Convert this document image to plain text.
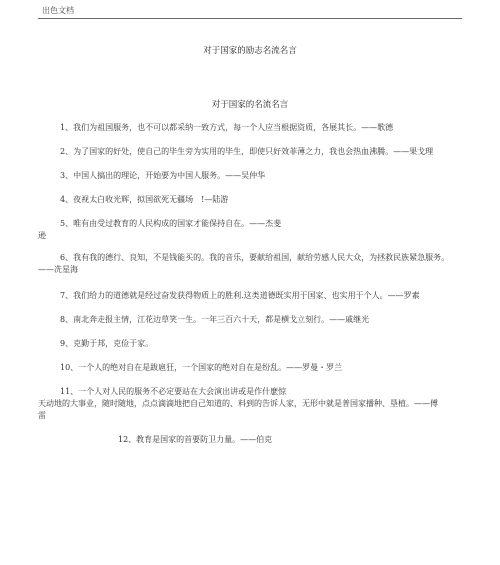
出色文档
对于国家的励志名流名言
对于国家的名流名言
1、我们为祖国服务，也不可以都采纳一致方式，每一个人应当根据资质，各展其长。——歌德
2、为了国家的好处，使自己的毕生旁为实用的毕生，即使只好效菲薄之力，我也会热血沸腾。——果戈理
3、中国人搞出的理论，开始要为中国人服务。——吴仲华
4、夜视太白收光辉，拟国欲死无疆场　!—陆游
5、唯有由受过教育的人民构成的国家才能保持自在。——杰斐
逊
6、我有我的德行、良知，不是钱能买的。我的音乐，要献给祖国，献给劳感人民大众，为拯救民族紧急服务。
——冼星海
7、我们给力的道德就是经过奋发获得物质上的胜利.这类道德既实用于国家、也实用于个人。——罗素
8、南北奔走报主情，江花边草笑一生。一年三百六十天，都是横戈立刻行。——戚继光
9、克勤于邦，克俭于家。
10、一个人的绝对自在是跋扈狂，一个国家的绝对自在是纷乱。——罗曼・罗兰
11、一个人对人民的服务不必定要站在大会演出讲或是作什麽惊
天动地的大事业，随时随地，点点滴滴地把自己知道的、料到的告诉人家，无形中就是普国家播种、垦植。——傅
雷
12、教育是国家的首要防卫力量。——伯克
